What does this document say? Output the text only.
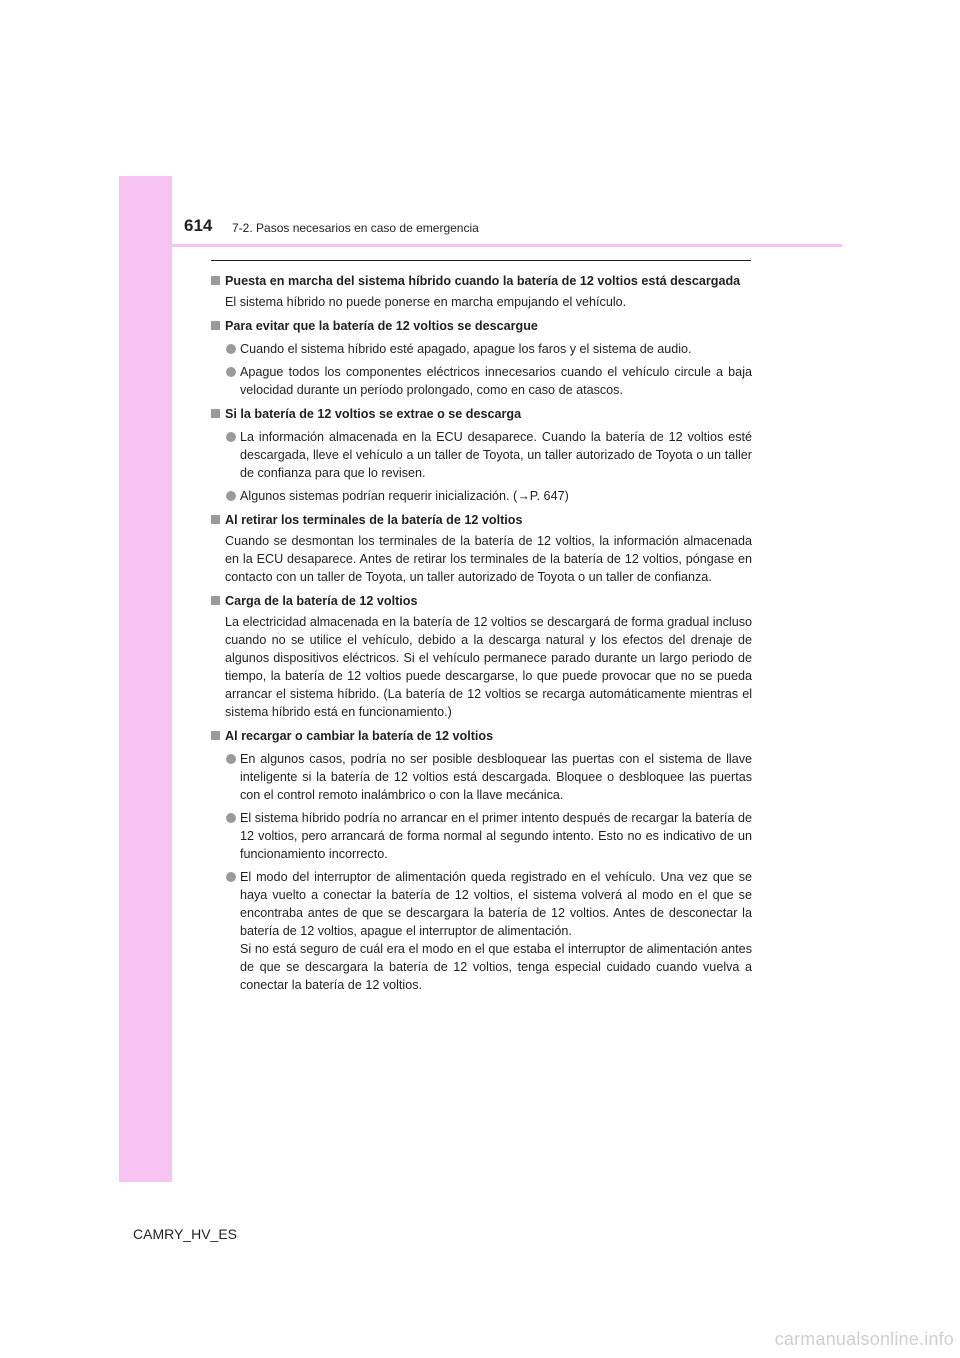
614 7-2. Pasos necesarios en caso de emergencia
Puesta en marcha del sistema híbrido cuando la batería de 12 voltios está descargada
El sistema híbrido no puede ponerse en marcha empujando el vehículo.
Para evitar que la batería de 12 voltios se descargue
Cuando el sistema híbrido esté apagado, apague los faros y el sistema de audio.
Apague todos los componentes eléctricos innecesarios cuando el vehículo circule a baja velocidad durante un período prolongado, como en caso de atascos.
Si la batería de 12 voltios se extrae o se descarga
La información almacenada en la ECU desaparece. Cuando la batería de 12 voltios esté descargada, lleve el vehículo a un taller de Toyota, un taller autorizado de Toyota o un taller de confianza para que lo revisen.
Algunos sistemas podrían requerir inicialización. (→P. 647)
Al retirar los terminales de la batería de 12 voltios
Cuando se desmontan los terminales de la batería de 12 voltios, la información almacenada en la ECU desaparece. Antes de retirar los terminales de la batería de 12 voltios, póngase en contacto con un taller de Toyota, un taller autorizado de Toyota o un taller de confianza.
Carga de la batería de 12 voltios
La electricidad almacenada en la batería de 12 voltios se descargará de forma gradual incluso cuando no se utilice el vehículo, debido a la descarga natural y los efectos del drenaje de algunos dispositivos eléctricos. Si el vehículo permanece parado durante un largo periodo de tiempo, la batería de 12 voltios puede descargarse, lo que puede provocar que no se pueda arrancar el sistema híbrido. (La batería de 12 voltios se recarga automáticamente mientras el sistema híbrido está en funcionamiento.)
Al recargar o cambiar la batería de 12 voltios
En algunos casos, podría no ser posible desbloquear las puertas con el sistema de llave inteligente si la batería de 12 voltios está descargada. Bloquee o desbloquee las puertas con el control remoto inalámbrico o con la llave mecánica.
El sistema híbrido podría no arrancar en el primer intento después de recargar la batería de 12 voltios, pero arrancará de forma normal al segundo intento. Esto no es indicativo de un funcionamiento incorrecto.
El modo del interruptor de alimentación queda registrado en el vehículo. Una vez que se haya vuelto a conectar la batería de 12 voltios, el sistema volverá al modo en el que se encontraba antes de que se descargara la batería de 12 voltios. Antes de desconectar la batería de 12 voltios, apague el interruptor de alimentación.
Si no está seguro de cuál era el modo en el que estaba el interruptor de alimentación antes de que se descargara la batería de 12 voltios, tenga especial cuidado cuando vuelva a conectar la batería de 12 voltios.
CAMRY_HV_ES
carmanualsonline.info
